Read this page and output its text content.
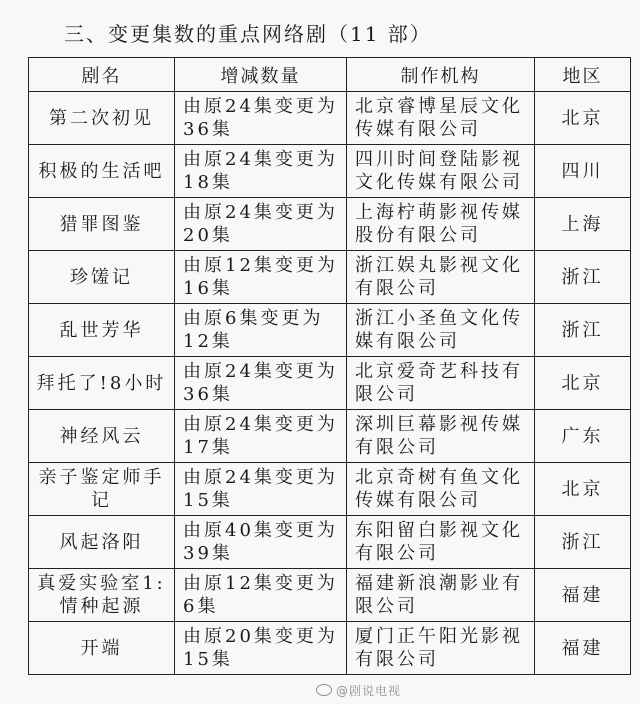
三、变更集数的重点网络剧（11 部）
剧名	增减数量	制作机构	地区
第二次初见	由原24集变更为36集	北京睿博星辰文化传媒有限公司	北京
积极的生活吧	由原24集变更为18集	四川时间登陆影视文化传媒有限公司	四川
猎罪图鉴	由原24集变更为20集	上海柠萌影视传媒股份有限公司	上海
珍馐记	由原12集变更为16集	浙江娱丸影视文化有限公司	浙江
乱世芳华	由原6集变更为12集	浙江小圣鱼文化传媒有限公司	浙江
拜托了!8小时	由原24集变更为36集	北京爱奇艺科技有限公司	北京
神经风云	由原24集变更为17集	深圳巨幕影视传媒有限公司	广东
亲子鉴定师手记	由原24集变更为15集	北京奇树有鱼文化传媒有限公司	北京
风起洛阳	由原40集变更为39集	东阳留白影视文化有限公司	浙江
真爱实验室1:情种起源	由原12集变更为6集	福建新浪潮影业有限公司	福建
开端	由原20集变更为15集	厦门正午阳光影视有限公司	福建
@剧说电视
